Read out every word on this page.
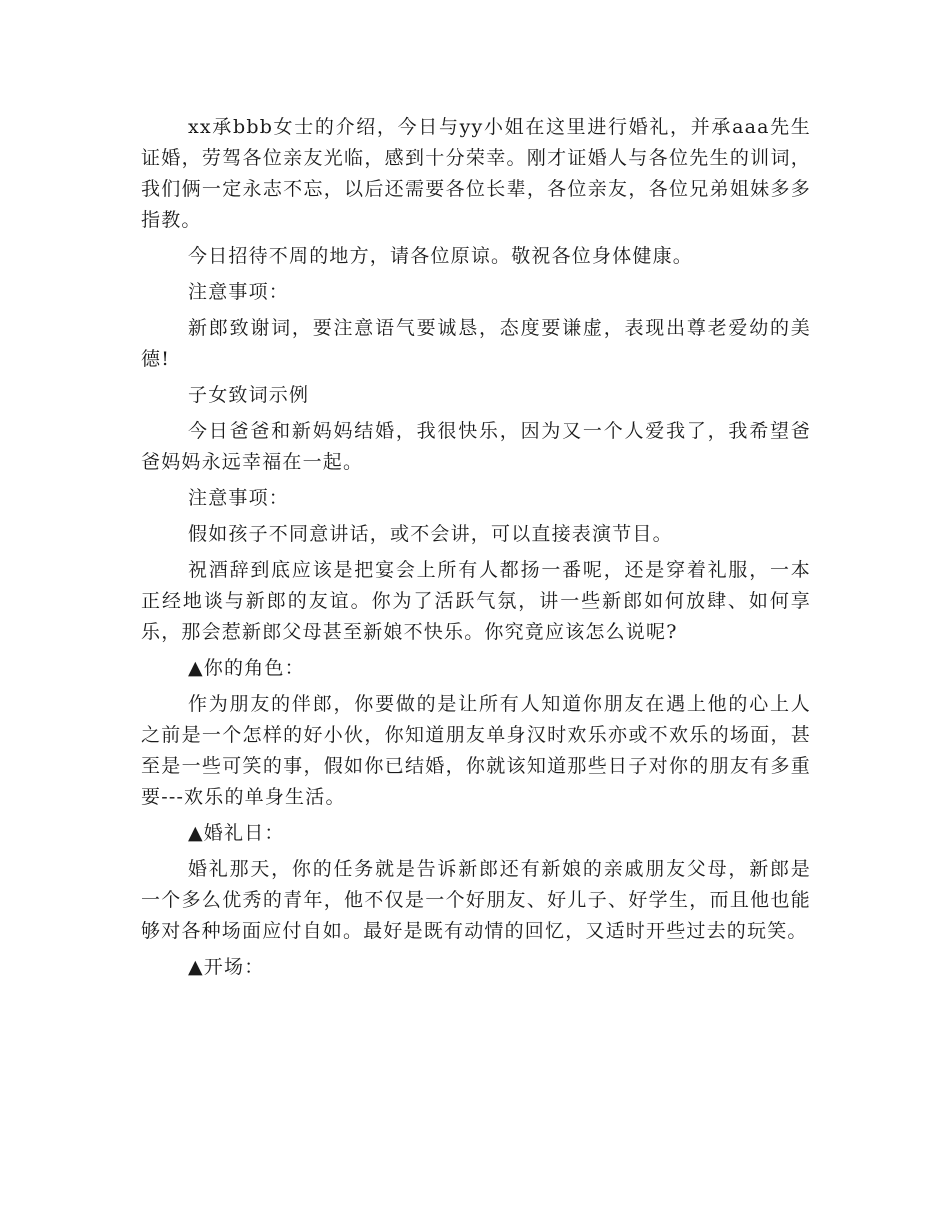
xx承bbb女士的介绍，今日与yy小姐在这里进行婚礼，并承aaa先生证婚，劳驾各位亲友光临，感到十分荣幸。刚才证婚人与各位先生的训词，我们俩一定永志不忘，以后还需要各位长辈，各位亲友，各位兄弟姐妹多多指教。

今日招待不周的地方，请各位原谅。敬祝各位身体健康。

注意事项：

新郎致谢词，要注意语气要诚恳，态度要谦虚，表现出尊老爱幼的美德!

子女致词示例

今日爸爸和新妈妈结婚，我很快乐，因为又一个人爱我了，我希望爸爸妈妈永远幸福在一起。

注意事项：

假如孩子不同意讲话，或不会讲，可以直接表演节目。

祝酒辞到底应该是把宴会上所有人都扬一番呢，还是穿着礼服，一本正经地谈与新郎的友谊。你为了活跃气氛，讲一些新郎如何放肆、如何享乐，那会惹新郎父母甚至新娘不快乐。你究竟应该怎么说呢?

▲你的角色：

作为朋友的伴郎，你要做的是让所有人知道你朋友在遇上他的心上人之前是一个怎样的好小伙，你知道朋友单身汉时欢乐亦或不欢乐的场面，甚至是一些可笑的事，假如你已结婚，你就该知道那些日子对你的朋友有多重要---欢乐的单身生活。

▲婚礼日：

婚礼那天，你的任务就是告诉新郎还有新娘的亲戚朋友父母，新郎是一个多么优秀的青年，他不仅是一个好朋友、好儿子、好学生，而且他也能够对各种场面应付自如。最好是既有动情的回忆，又适时开些过去的玩笑。

▲开场：
